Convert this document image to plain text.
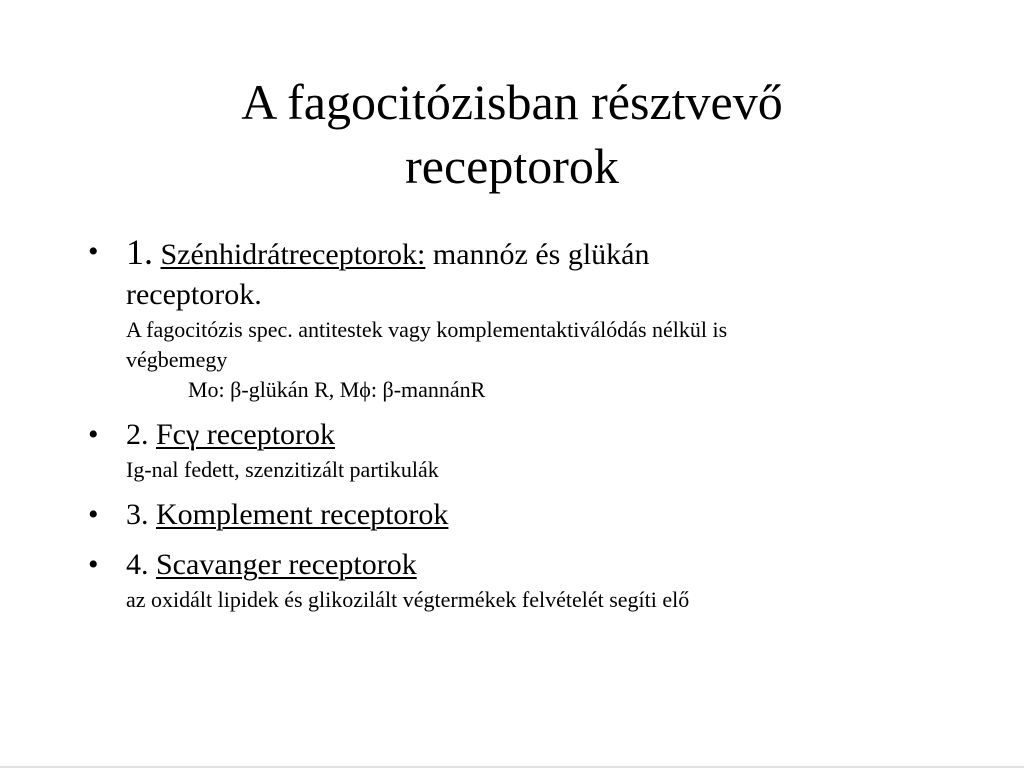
A fagocitózisban résztvevő
receptorok
• 1. Szénhidrátreceptorok: mannóz és glükán
receptorok.
A fagocitózis spec. antitestek vagy komplementaktiválódás nélkül is
végbemegy
Mo: β-glükán R, Mϕ: β-mannánR
• 2. Fcγ receptorok
Ig-nal fedett, szenzitizált partikulák
• 3. Komplement receptorok
• 4. Scavanger receptorok
az oxidált lipidek és glikozilált végtermékek felvételét segíti elő
